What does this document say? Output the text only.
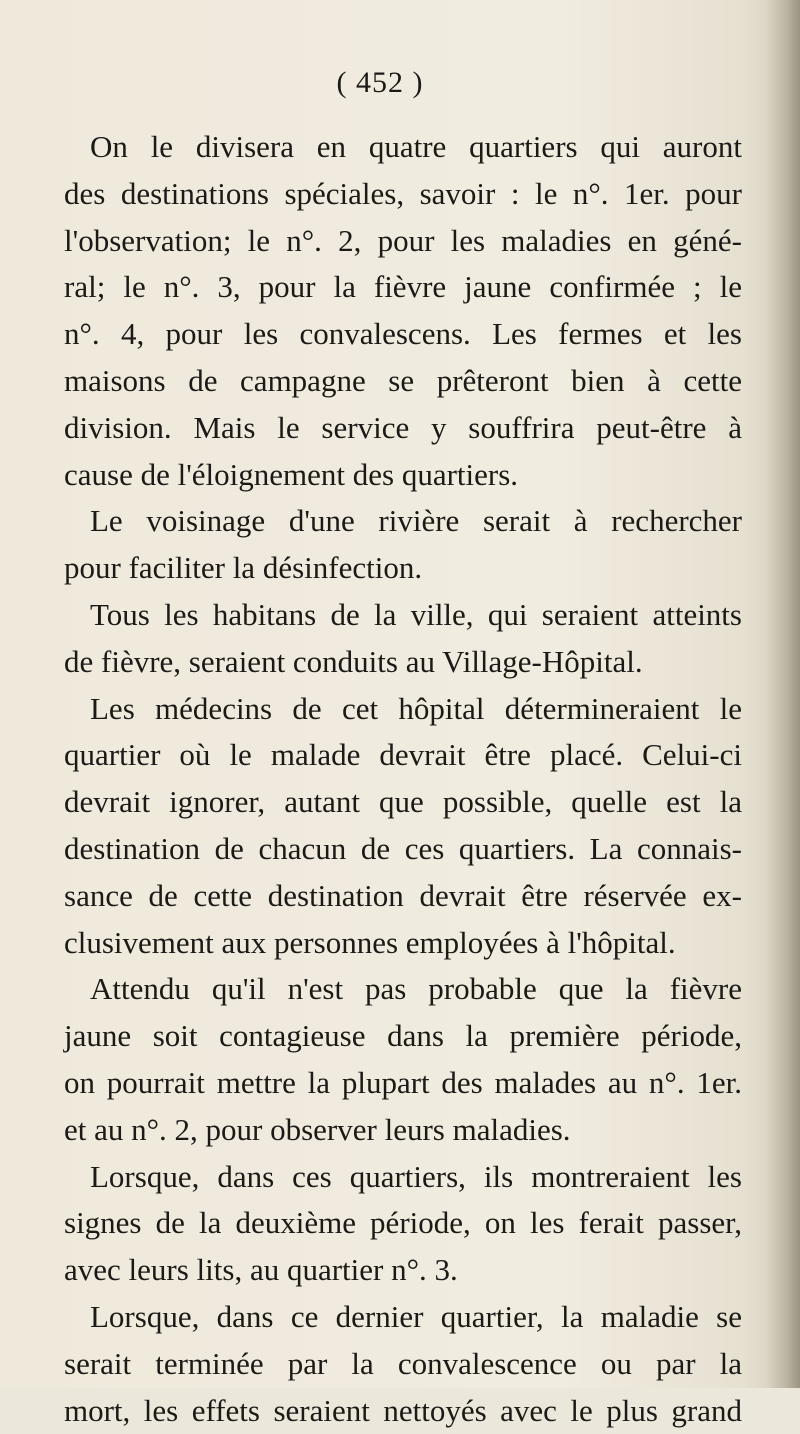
( 452 )
On le divisera en quatre quartiers qui auront
des destinations spéciales, savoir : le n°. 1er. pour
l'observation; le n°. 2, pour les maladies en géné-
ral; le n°. 3, pour la fièvre jaune confirmée ; le
n°. 4, pour les convalescens. Les fermes et les
maisons de campagne se prêteront bien à cette
division. Mais le service y souffrira peut-être à
cause de l'éloignement des quartiers.
Le voisinage d'une rivière serait à rechercher
pour faciliter la désinfection.
Tous les habitans de la ville, qui seraient atteints
de fièvre, seraient conduits au Village-Hôpital.
Les médecins de cet hôpital détermineraient le
quartier où le malade devrait être placé. Celui-ci
devrait ignorer, autant que possible, quelle est la
destination de chacun de ces quartiers. La connais-
sance de cette destination devrait être réservée ex-
clusivement aux personnes employées à l'hôpital.
Attendu qu'il n'est pas probable que la fièvre
jaune soit contagieuse dans la première période,
on pourrait mettre la plupart des malades au n°. 1er.
et au n°. 2, pour observer leurs maladies.
Lorsque, dans ces quartiers, ils montreraient les
signes de la deuxième période, on les ferait passer,
avec leurs lits, au quartier n°. 3.
Lorsque, dans ce dernier quartier, la maladie se
serait terminée par la convalescence ou par la
mort, les effets seraient nettoyés avec le plus grand
